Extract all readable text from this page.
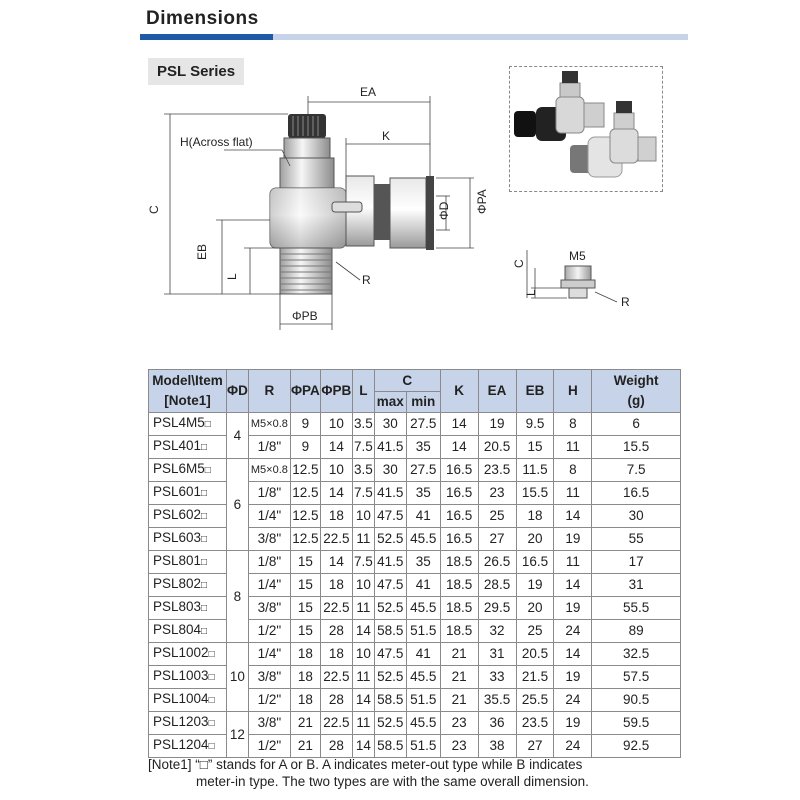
Dimensions
PSL Series
EA
K
H(Across flat)
C
EB
L	R
ΦPB
ΦD ΦPA
M5
C
L
R
Model\Item
[Note1]	ΦD	R	ΦPA	ΦPB	L	C		K	EA	EB	H	Weight
(g)
						max	min					
PSL4M5□	4	M5×0.8	9	10	3.5	30	27.5	14	19	9.5	8	6
PSL401□		1/8"	9	14	7.5	41.5	35	14	20.5	15	11	15.5
PSL6M5□	6	M5×0.8	12.5	10	3.5	30	27.5	16.5	23.5	11.5	8	7.5
PSL601□		1/8"	12.5	14	7.5	41.5	35	16.5	23	15.5	11	16.5
PSL602□		1/4"	12.5	18	10	47.5	41	16.5	25	18	14	30
PSL603□		3/8"	12.5	22.5	11	52.5	45.5	16.5	27	20	19	55
PSL801□	8	1/8"	15	14	7.5	41.5	35	18.5	26.5	16.5	11	17
PSL802□		1/4"	15	18	10	47.5	41	18.5	28.5	19	14	31
PSL803□		3/8"	15	22.5	11	52.5	45.5	18.5	29.5	20	19	55.5
PSL804□		1/2"	15	28	14	58.5	51.5	18.5	32	25	24	89
PSL1002□	10	1/4"	18	18	10	47.5	41	21	31	20.5	14	32.5
PSL1003□		3/8"	18	22.5	11	52.5	45.5	21	33	21.5	19	57.5
PSL1004□		1/2"	18	28	14	58.5	51.5	21	35.5	25.5	24	90.5
PSL1203□	12	3/8"	21	22.5	11	52.5	45.5	23	36	23.5	19	59.5
PSL1204□		1/2"	21	28	14	58.5	51.5	23	38	27	24	92.5
[Note1] “□” stands for A or B. A indicates meter-out type while B indicates
meter-in type. The two types are with the same overall dimension.
